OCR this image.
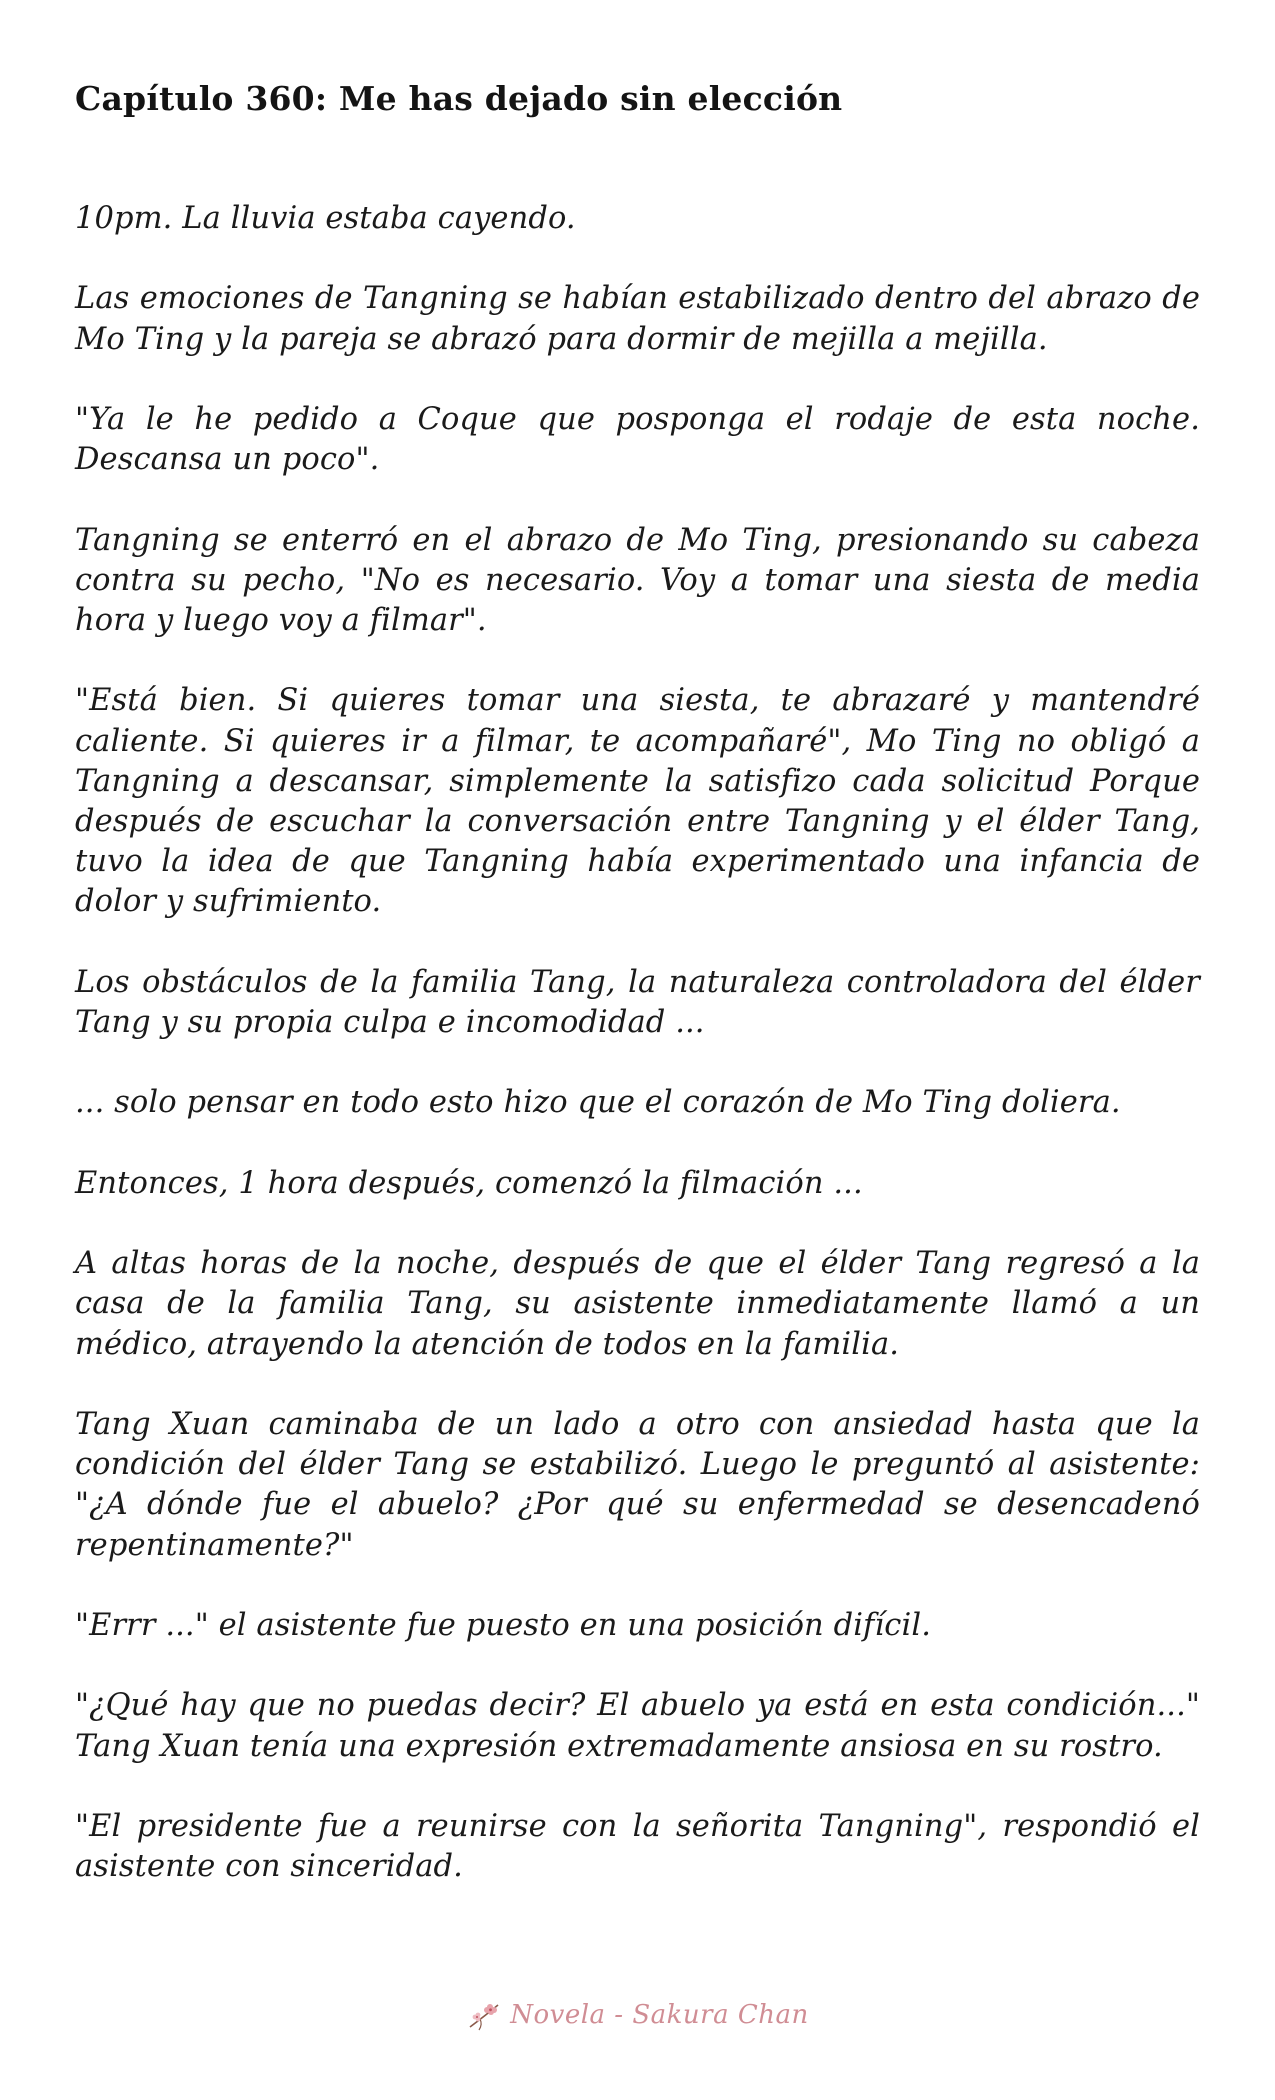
Capítulo 360: Me has dejado sin elección

10pm. La lluvia estaba cayendo.

Las emociones de Tangning se habían estabilizado dentro del abrazo de Mo Ting y la pareja se abrazó para dormir de mejilla a mejilla.

"Ya le he pedido a Coque que posponga el rodaje de esta noche. Descansa un poco".

Tangning se enterró en el abrazo de Mo Ting, presionando su cabeza contra su pecho, "No es necesario. Voy a tomar una siesta de media hora y luego voy a filmar".

"Está bien. Si quieres tomar una siesta, te abrazaré y mantendré caliente. Si quieres ir a filmar, te acompañaré", Mo Ting no obligó a Tangning a descansar, simplemente la satisfizo cada solicitud Porque después de escuchar la conversación entre Tangning y el élder Tang, tuvo la idea de que Tangning había experimentado una infancia de dolor y sufrimiento.

Los obstáculos de la familia Tang, la naturaleza controladora del élder Tang y su propia culpa e incomodidad ...

... solo pensar en todo esto hizo que el corazón de Mo Ting doliera.

Entonces, 1 hora después, comenzó la filmación ...

A altas horas de la noche, después de que el élder Tang regresó a la casa de la familia Tang, su asistente inmediatamente llamó a un médico, atrayendo la atención de todos en la familia.

Tang Xuan caminaba de un lado a otro con ansiedad hasta que la condición del élder Tang se estabilizó. Luego le preguntó al asistente: "¿A dónde fue el abuelo? ¿Por qué su enfermedad se desencadenó repentinamente?"

"Errr ..." el asistente fue puesto en una posición difícil.

"¿Qué hay que no puedas decir? El abuelo ya está en esta condición..." Tang Xuan tenía una expresión extremadamente ansiosa en su rostro.

"El presidente fue a reunirse con la señorita Tangning", respondió el asistente con sinceridad.

Novela - Sakura Chan
